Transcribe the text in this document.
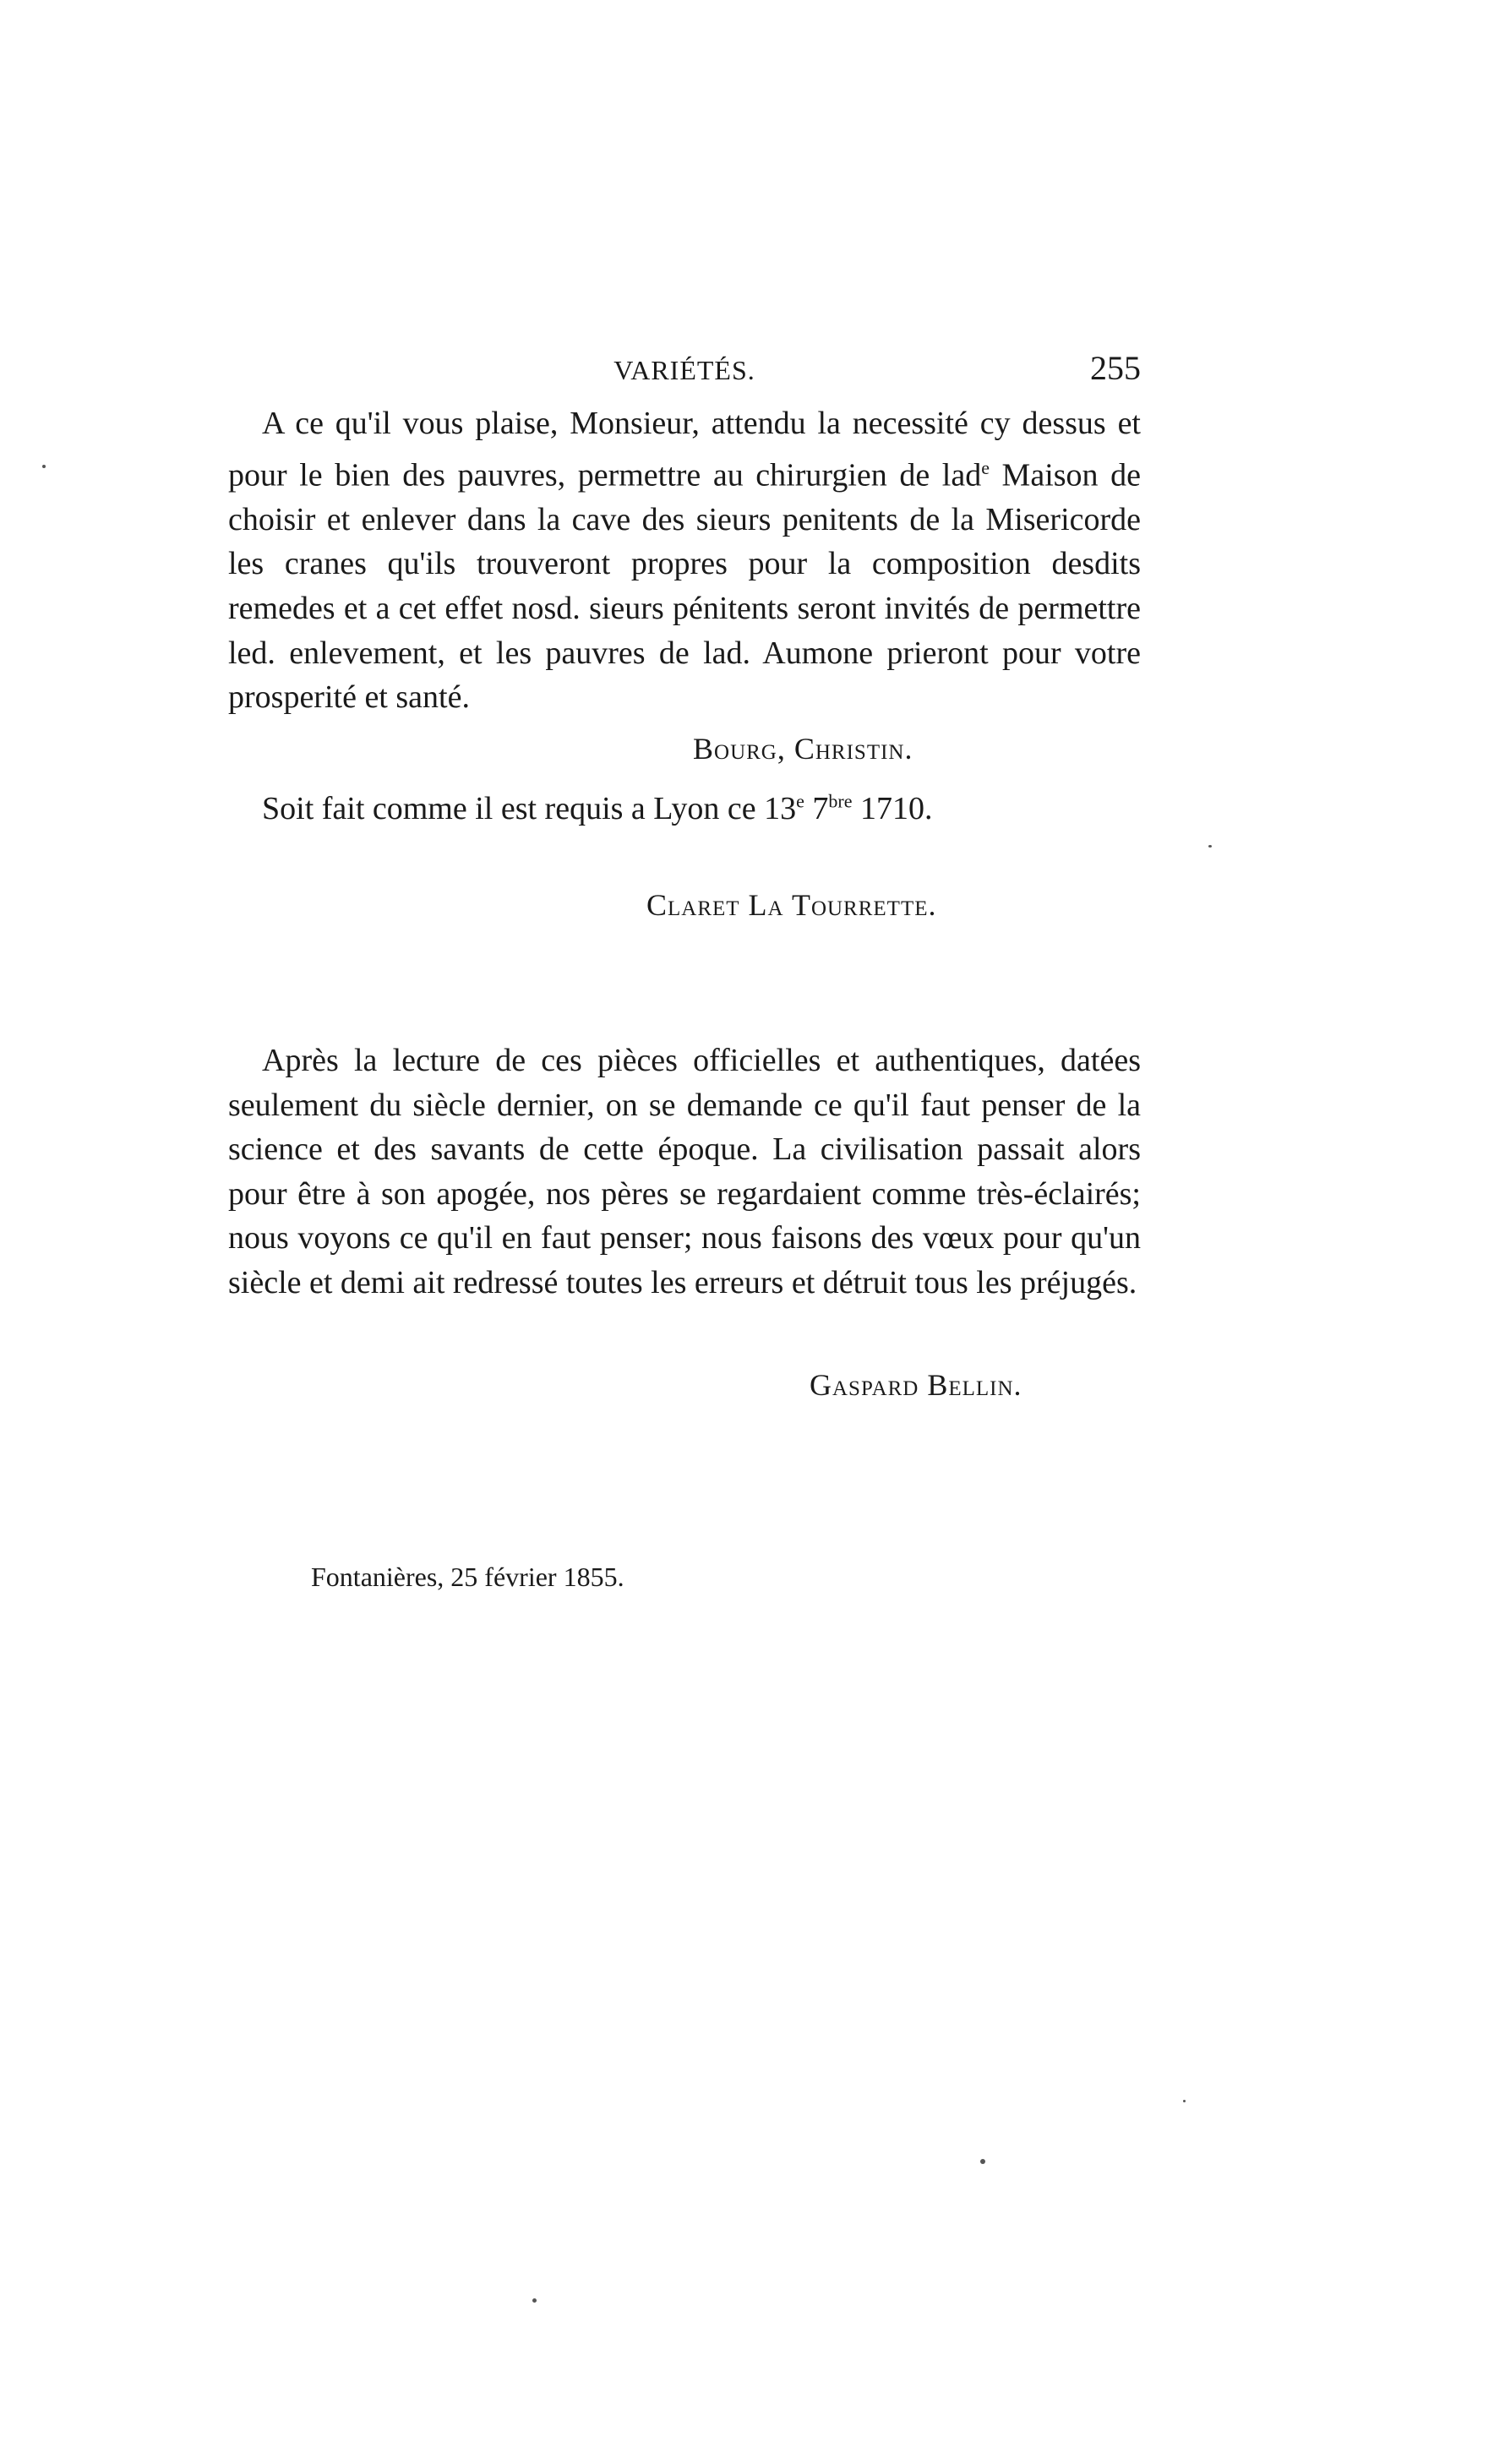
VARIÉTÉS.	255
A ce qu'il vous plaise, Monsieur, attendu la necessité cy dessus et pour le bien des pauvres, permettre au chirurgien de lad$^e$ Maison de choisir et enlever dans la cave des sieurs penitents de la Misericorde les cranes qu'ils trouveront propres pour la composition desdits remedes et a cet effet nosd. sieurs pénitents seront invités de permettre led. enlevement, et les pauvres de lad. Aumone prieront pour votre prosperité et santé.
Bourg, Christin.
Soit fait comme il est requis a Lyon ce 13e $7^{bre}$ 1710.
Claret La Tourrette.
Après la lecture de ces pièces officielles et authentiques, datées seulement du siècle dernier, on se demande ce qu'il faut penser de la science et des savants de cette époque. La civilisation passait alors pour être à son apogée, nos pères se regardaient comme très-éclairés; nous voyons ce qu'il en faut penser; nous faisons des vœux pour qu'un siècle et demi ait redressé toutes les erreurs et détruit tous les préjugés.
Gaspard Bellin.
Fontanières, 25 février 1855.
